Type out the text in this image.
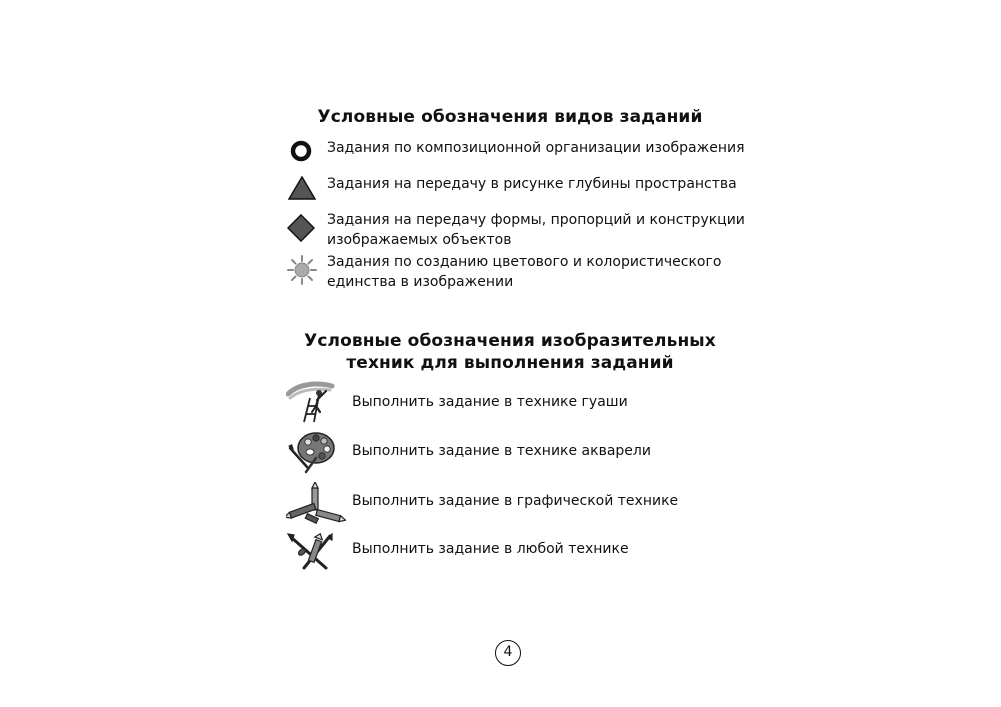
Условные обозначения видов заданий
Задания по композиционной организации изображения
Задания на передачу в рисунке глубины пространства
Задания на передачу формы, пропорций и конструкции
изображаемых объектов
Задания по созданию цветового и колористического
единства в изображении
Условные обозначения изобразительных
техник для выполнения заданий
Выполнить задание в технике гуаши
Выполнить задание в технике акварели
Выполнить задание в графической технике
Выполнить задание в любой технике
4
